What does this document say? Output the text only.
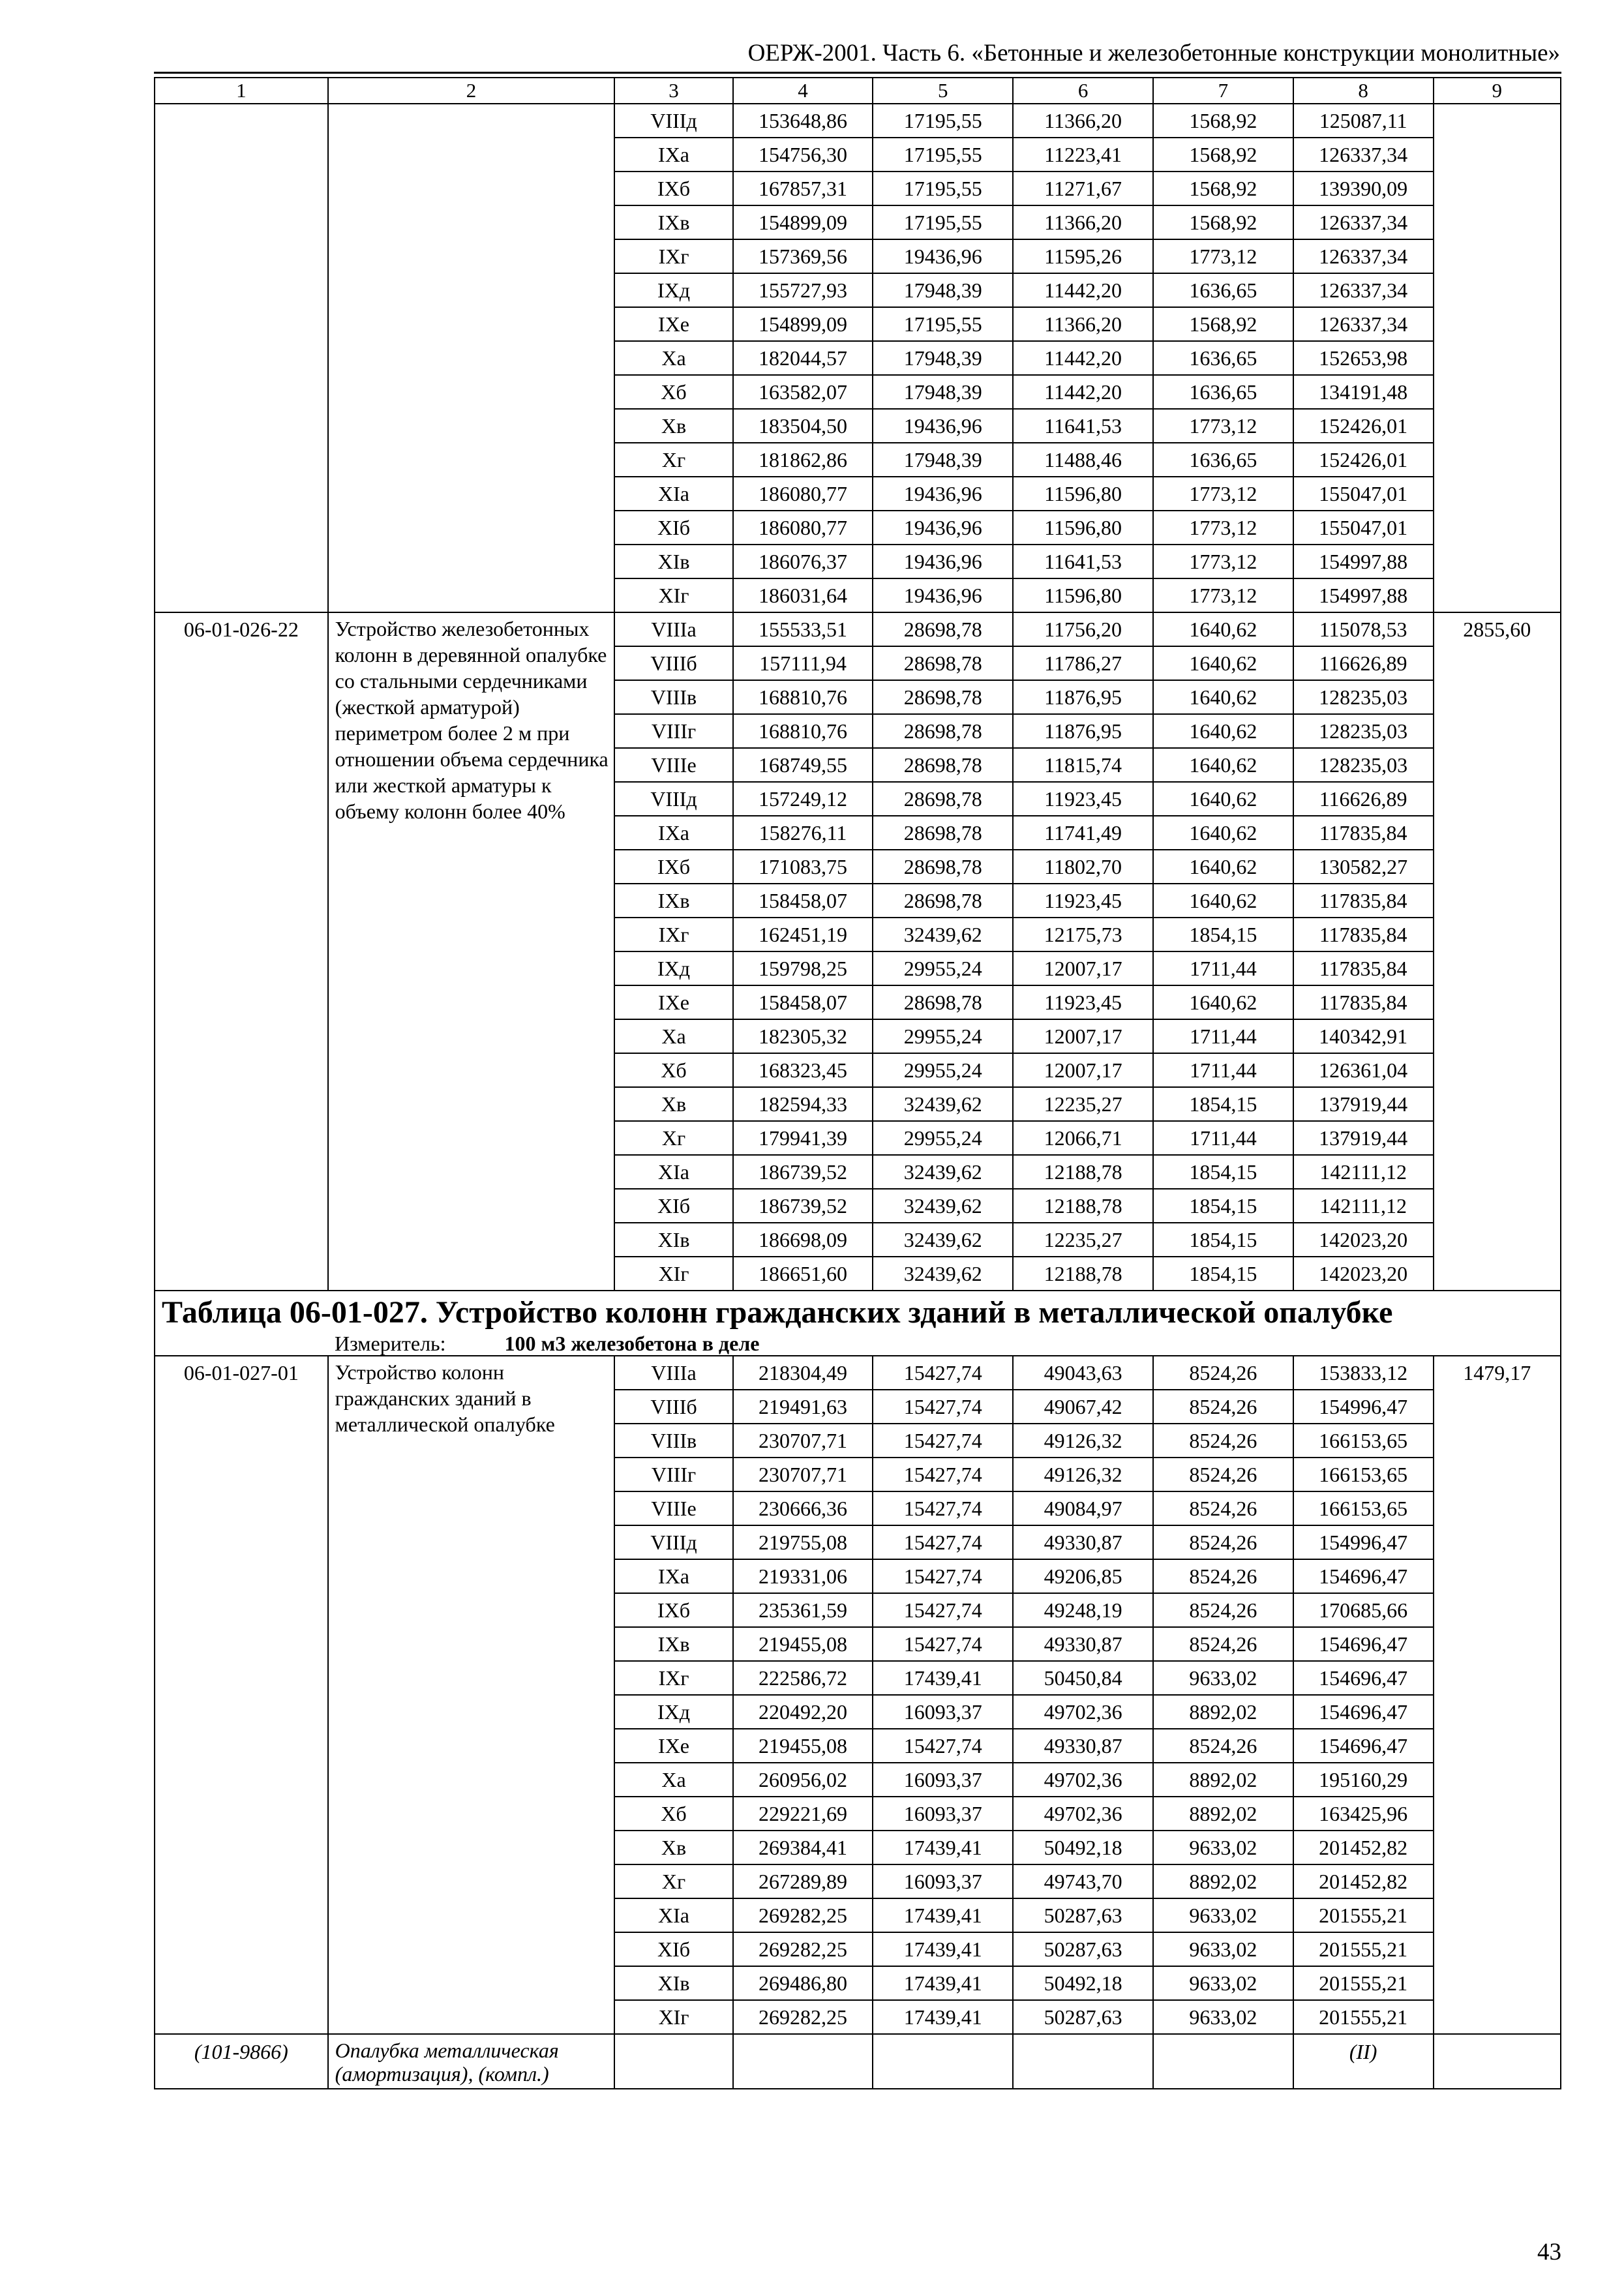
ОЕРЖ-2001. Часть 6. «Бетонные и железобетонные конструкции монолитные»
1	2	3	4	5	6	7	8	9
		VIIIд	153648,86	17195,55	11366,20	1568,92	125087,11	
		IXа	154756,30	17195,55	11223,41	1568,92	126337,34	
		IXб	167857,31	17195,55	11271,67	1568,92	139390,09	
		IXв	154899,09	17195,55	11366,20	1568,92	126337,34	
		IXг	157369,56	19436,96	11595,26	1773,12	126337,34	
		IXд	155727,93	17948,39	11442,20	1636,65	126337,34	
		IXе	154899,09	17195,55	11366,20	1568,92	126337,34	
		Xа	182044,57	17948,39	11442,20	1636,65	152653,98	
		Xб	163582,07	17948,39	11442,20	1636,65	134191,48	
		Xв	183504,50	19436,96	11641,53	1773,12	152426,01	
		Xг	181862,86	17948,39	11488,46	1636,65	152426,01	
		XIа	186080,77	19436,96	11596,80	1773,12	155047,01	
		XIб	186080,77	19436,96	11596,80	1773,12	155047,01	
		XIв	186076,37	19436,96	11641,53	1773,12	154997,88	
		XIг	186031,64	19436,96	11596,80	1773,12	154997,88	
06-01-026-22	Устройство железобетонных колонн в деревянной опалубке со стальными сердечниками (жесткой арматурой) периметром более 2 м при отношении объема сердечника или жесткой арматуры к объему колонн более 40%	VIIIа	155533,51	28698,78	11756,20	1640,62	115078,53	2855,60
		VIIIб	157111,94	28698,78	11786,27	1640,62	116626,89	
		VIIIв	168810,76	28698,78	11876,95	1640,62	128235,03	
		VIIIг	168810,76	28698,78	11876,95	1640,62	128235,03	
		VIIIе	168749,55	28698,78	11815,74	1640,62	128235,03	
		VIIIд	157249,12	28698,78	11923,45	1640,62	116626,89	
		IXа	158276,11	28698,78	11741,49	1640,62	117835,84	
		IXб	171083,75	28698,78	11802,70	1640,62	130582,27	
		IXв	158458,07	28698,78	11923,45	1640,62	117835,84	
		IXг	162451,19	32439,62	12175,73	1854,15	117835,84	
		IXд	159798,25	29955,24	12007,17	1711,44	117835,84	
		IXе	158458,07	28698,78	11923,45	1640,62	117835,84	
		Xа	182305,32	29955,24	12007,17	1711,44	140342,91	
		Xб	168323,45	29955,24	12007,17	1711,44	126361,04	
		Xв	182594,33	32439,62	12235,27	1854,15	137919,44	
		Xг	179941,39	29955,24	12066,71	1711,44	137919,44	
		XIа	186739,52	32439,62	12188,78	1854,15	142111,12	
		XIб	186739,52	32439,62	12188,78	1854,15	142111,12	
		XIв	186698,09	32439,62	12235,27	1854,15	142023,20	
		XIг	186651,60	32439,62	12188,78	1854,15	142023,20	

Таблица 06-01-027. Устройство колонн гражданских зданий в металлической опалубке
Измеритель: 100 м3 железобетона в деле								

06-01-027-01	Устройство колонн гражданских зданий в металлической опалубке	VIIIа	218304,49	15427,74	49043,63	8524,26	153833,12	1479,17
		VIIIб	219491,63	15427,74	49067,42	8524,26	154996,47	
		VIIIв	230707,71	15427,74	49126,32	8524,26	166153,65	
		VIIIг	230707,71	15427,74	49126,32	8524,26	166153,65	
		VIIIе	230666,36	15427,74	49084,97	8524,26	166153,65	
		VIIIд	219755,08	15427,74	49330,87	8524,26	154996,47	
		IXа	219331,06	15427,74	49206,85	8524,26	154696,47	
		IXб	235361,59	15427,74	49248,19	8524,26	170685,66	
		IXв	219455,08	15427,74	49330,87	8524,26	154696,47	
		IXг	222586,72	17439,41	50450,84	9633,02	154696,47	
		IXд	220492,20	16093,37	49702,36	8892,02	154696,47	
		IXе	219455,08	15427,74	49330,87	8524,26	154696,47	
		Xа	260956,02	16093,37	49702,36	8892,02	195160,29	
		Xб	229221,69	16093,37	49702,36	8892,02	163425,96	
		Xв	269384,41	17439,41	50492,18	9633,02	201452,82	
		Xг	267289,89	16093,37	49743,70	8892,02	201452,82	
		XIа	269282,25	17439,41	50287,63	9633,02	201555,21	
		XIб	269282,25	17439,41	50287,63	9633,02	201555,21	
		XIв	269486,80	17439,41	50492,18	9633,02	201555,21	
		XIг	269282,25	17439,41	50287,63	9633,02	201555,21	
(101-9866)	Опалубка металлическая (амортизация), (компл.)						(II)	
43
